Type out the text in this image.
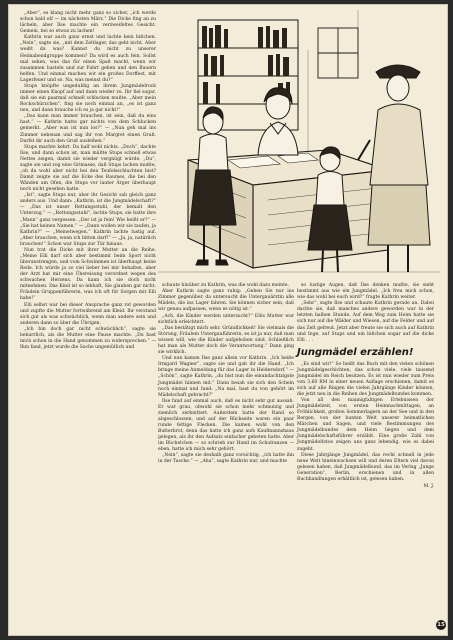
„Aber“, es klang nicht mehr ganz so sicher, „ich werde schon bald elf — im nächsten März.“ Die Dicke fing an zu lächeln, aber Ilse machte ein verzweifeltes Gesicht. Gemein, bei so etwas zu lachen!

Kathrin war auch ganz ernst und lachte kein bißchen. „Nein“, sagte sie, „mit dem Zeltlager, das geht nicht. Aber weißt du was? Kannst du nicht zu unserer Heimabendgruppe kommen? Da wird es auch fein. Sollst mal sehen, was das für einen Spaß macht, wenn wir zusammen basteln und zur Fahrt gehen und den Bauern helfen. Und einmal machen wir ein großes Dorffest, mit Lagerfeuer und so. Na, was meinst du?“

Stups knöpfte ungeduldig an ihrem Jungmädelrock immer einen Knopf auf und dann wieder zu. Ihr fiel sogar, daß sie ein paarmal schnell schlucken mußte. „Aber mein Rockschürzchen“, fing sie noch einmal an, „es ist ganz neu, und dann brauche ich es ja gar nicht!“

„Das kann man immer brauchen, ist sein, daß du eins hast.“ — Kathrin hatte gar nichts von dem Schlucken gemerkt. „Aber was ist nun los?“ — „Nun geh mal ins Zimmer nebenan und sag ihr von Margret einen Gruß. Darfst dir auch den Gruß ausleihen.“

Stups machte kehrt. Da half wohl nichts. „Doch“, dachte Ilse, und dann schon ist, man müßte Stups schnell etwas Nettes zeigen, damit sie wieder vergnügt würde. „Du“, sagte sie und zog eine Grimasse, daß Stups lachen mußte, „ob du wohl aber nicht bei den Teufelsschluchten bist? Damit zeigte sie auf die Ecke des Raumes, die bei den Wänden am Ofen, die Stups vor lauter Ärger überhaupt noch nicht gesehen hatte.

„Ist“, sagte Stups nur, aber ihr Gesicht sah gleich ganz anders aus. Und dann: „Kathrin, ist die Jungmädelschaft?“ — „Das ist unser Rettungsstuhl, der bemalt den Unterzug.“ — „Rettungsstuhl“, lachte Stups, sie hatte ihre „Mann“ ganz vergessen. „Der ist ja fein! Wie heißt er?“ — „Sie hat keinen Namen.“ — „Dann wollen wir sie taufen, ja Kathrin?“ — „Meinetwegen.“ Kathrin lachte lustig auf. „Aber brauchen, wenn ich bitten darf!“ — „Ja, ja, natürlich brauchen!“ Schon war Stups zur Tür hinaus.

Nun trat die Dicke mit ihrer Mutter an die Reihe. „Meine Elli darf sich aber bestimmt beim Sport nicht überanstrengen, und vom Schwimmen ist überhaupt keine Rede. Ich würde ja so viel lieber bei mir behalten, aber der Arzt hat mir eine Übereisung verordnet wegen des schwachen Herzens. Da kann ich sie doch nicht mitnehmen. Das Kind ist so lebhaft, Sie glauben gar nicht. Fräulein Gruppenführerin, was ich oft für Sorgen mit Elli habe!“

Elli selbst war bei dieser Ansprache ganz rot geworden und zupfte die Mutter fortwährend am Kleid. Ihr verstand sich gut als was schwächlich, wenn man andere sein und anderen dann so über die Übrigen.

„Ich bin doch gar nicht schwächlich“, sagte sie beharrlich, als die Mutter eine Pause machte. „Du hast mich schon in die Hand genommen zu widersprechen.“ — Ihm fand, jetzt wurde die Sache ungemütlich und

schaute hinüber zu Kathrin, was die wohl dazu meinte.

Aber Kathrin sagte ganz ruhig: „Gehen Sie nur ins Zimmer gegenüber, da untersucht die Untergauärztin alle Mädels, die ins Lager fahren. Sie können sicher sein, daß wir genau aufpassen, wenn es nötig ist.“

„Ach, die Kinder werden untersucht?“ Ellis Mutter war sichtlich erleichtert.

„Das bestätigt mich sehr. Gründlichkeit! Sie vielmals die Störung, Fräulein Untergauführerin, es ist ja nur, daß man wissen will, wie die Kinder aufgehoben sind. Schließlich hat man als Mutter doch die Verantwortung.“ Dann ging sie wirklich.

Und nun kamen Ilse ganz allein vor Kathrin. „Ich heiße Irmgard Wagner“, sagte sie und gab ihr die Hand. „Ich bringe meine Anmeldung für das Lager in Heidersdorf.“ — „Schön“, sagte Kathrin, „du bist nun die einundachtzigste Jungmädel hinnen mit.“ Dann besah sie sich den Schein noch einmal und fand: „Na mal, hast du von gehört im Mädelschaft gebracht?“

Ilse fand auf einmal auch, daß es nicht sehr gut aussah. Er war grau, obwohl sie schon mehr schmutzig und ziemlich zerknittert. Außerdem hatte der Rand so abgeschlossen, und auf der Rückseite waren ein paar runde fettige Flecken. Die kamen wohl von den Butterbrot, denn das hatte ich ganz aufs Kaufmannshaus gelegen, als ihr den Aufsatz einfacher gebeten hatte. Aber im Büchelchen — so schrieb zur Hand im Schulranzen — eben, hatte ich mich sehr gehört.

„Nein“, sagte sie deshalb ganz vorsichtig, „ich hatte ihn in der Tasche.“ — „Aha“, sagte Kathrin nur, und machte

so lustige Augen, daß Ilse denken mußte, sie sieht bestimmt aus wie ein Jungmädel. „Ich freu mich schon, wie das wohl bei euch wird?“ fragte Kathrin weiter.

„Sehr“, sagte Ilse und schaute Kathrin gerade an. Dabei dachte sie, daß manches andere geworden war in der letzten halben Stunde. Auf dem Weg zum Heim hatte sie sich nur auf die Wälder und Wiesen, auf die Felder und auf das Zelt gefreut. Jetzt aber freute sie sich auch auf Kathrin und Inge, auf Stups und ein bißchen sogar auf die dicke Elli . . .

Jungmädel erzählen!

„Es sind wir!“ So heißt das Buch mit den vielen schönen Jungmädelgeschichten, das schon viele, viele tausend Jungmädel im Reich besitzen. Es ist nun wieder zum Preis von 3,60 RM in einer neuen Auflage erschienen, damit es sich auf alle Ringen die vielen Jahrgänge Kinder können, die jetzt neu in die Reihen des Jungmädelbundes kommen.

Von all den mannigfaltigen Erlebnissen der Jungmädelzeit, von ersten Heimnachmittagen, an Fröhlichkeit, großen Sommerlagern an der See und in den Bergen, von der bunten Welt unserer heimatlichen Märchen und Sagen, und viele Bestimmungen des Jungmädelbundes dem Heim liegen und dem Jungmädelschaftsführer erzählt. Eine große Zahl von Jungmädelfotos zeigen uns ganz lebendig, wie es dabei zugeht.

Diese Jahrgänge Jungmädel, das recht schnell in jede neue Welt hineinwachsen will und deren Eltern viel davon gelesen haben, daß Jungmädelbund, das im Verlag „Junge Generation“, Berlin, erschienen und in allen Buchhandlungen erhältlich ist, gelesen haben.

M. J.
15
